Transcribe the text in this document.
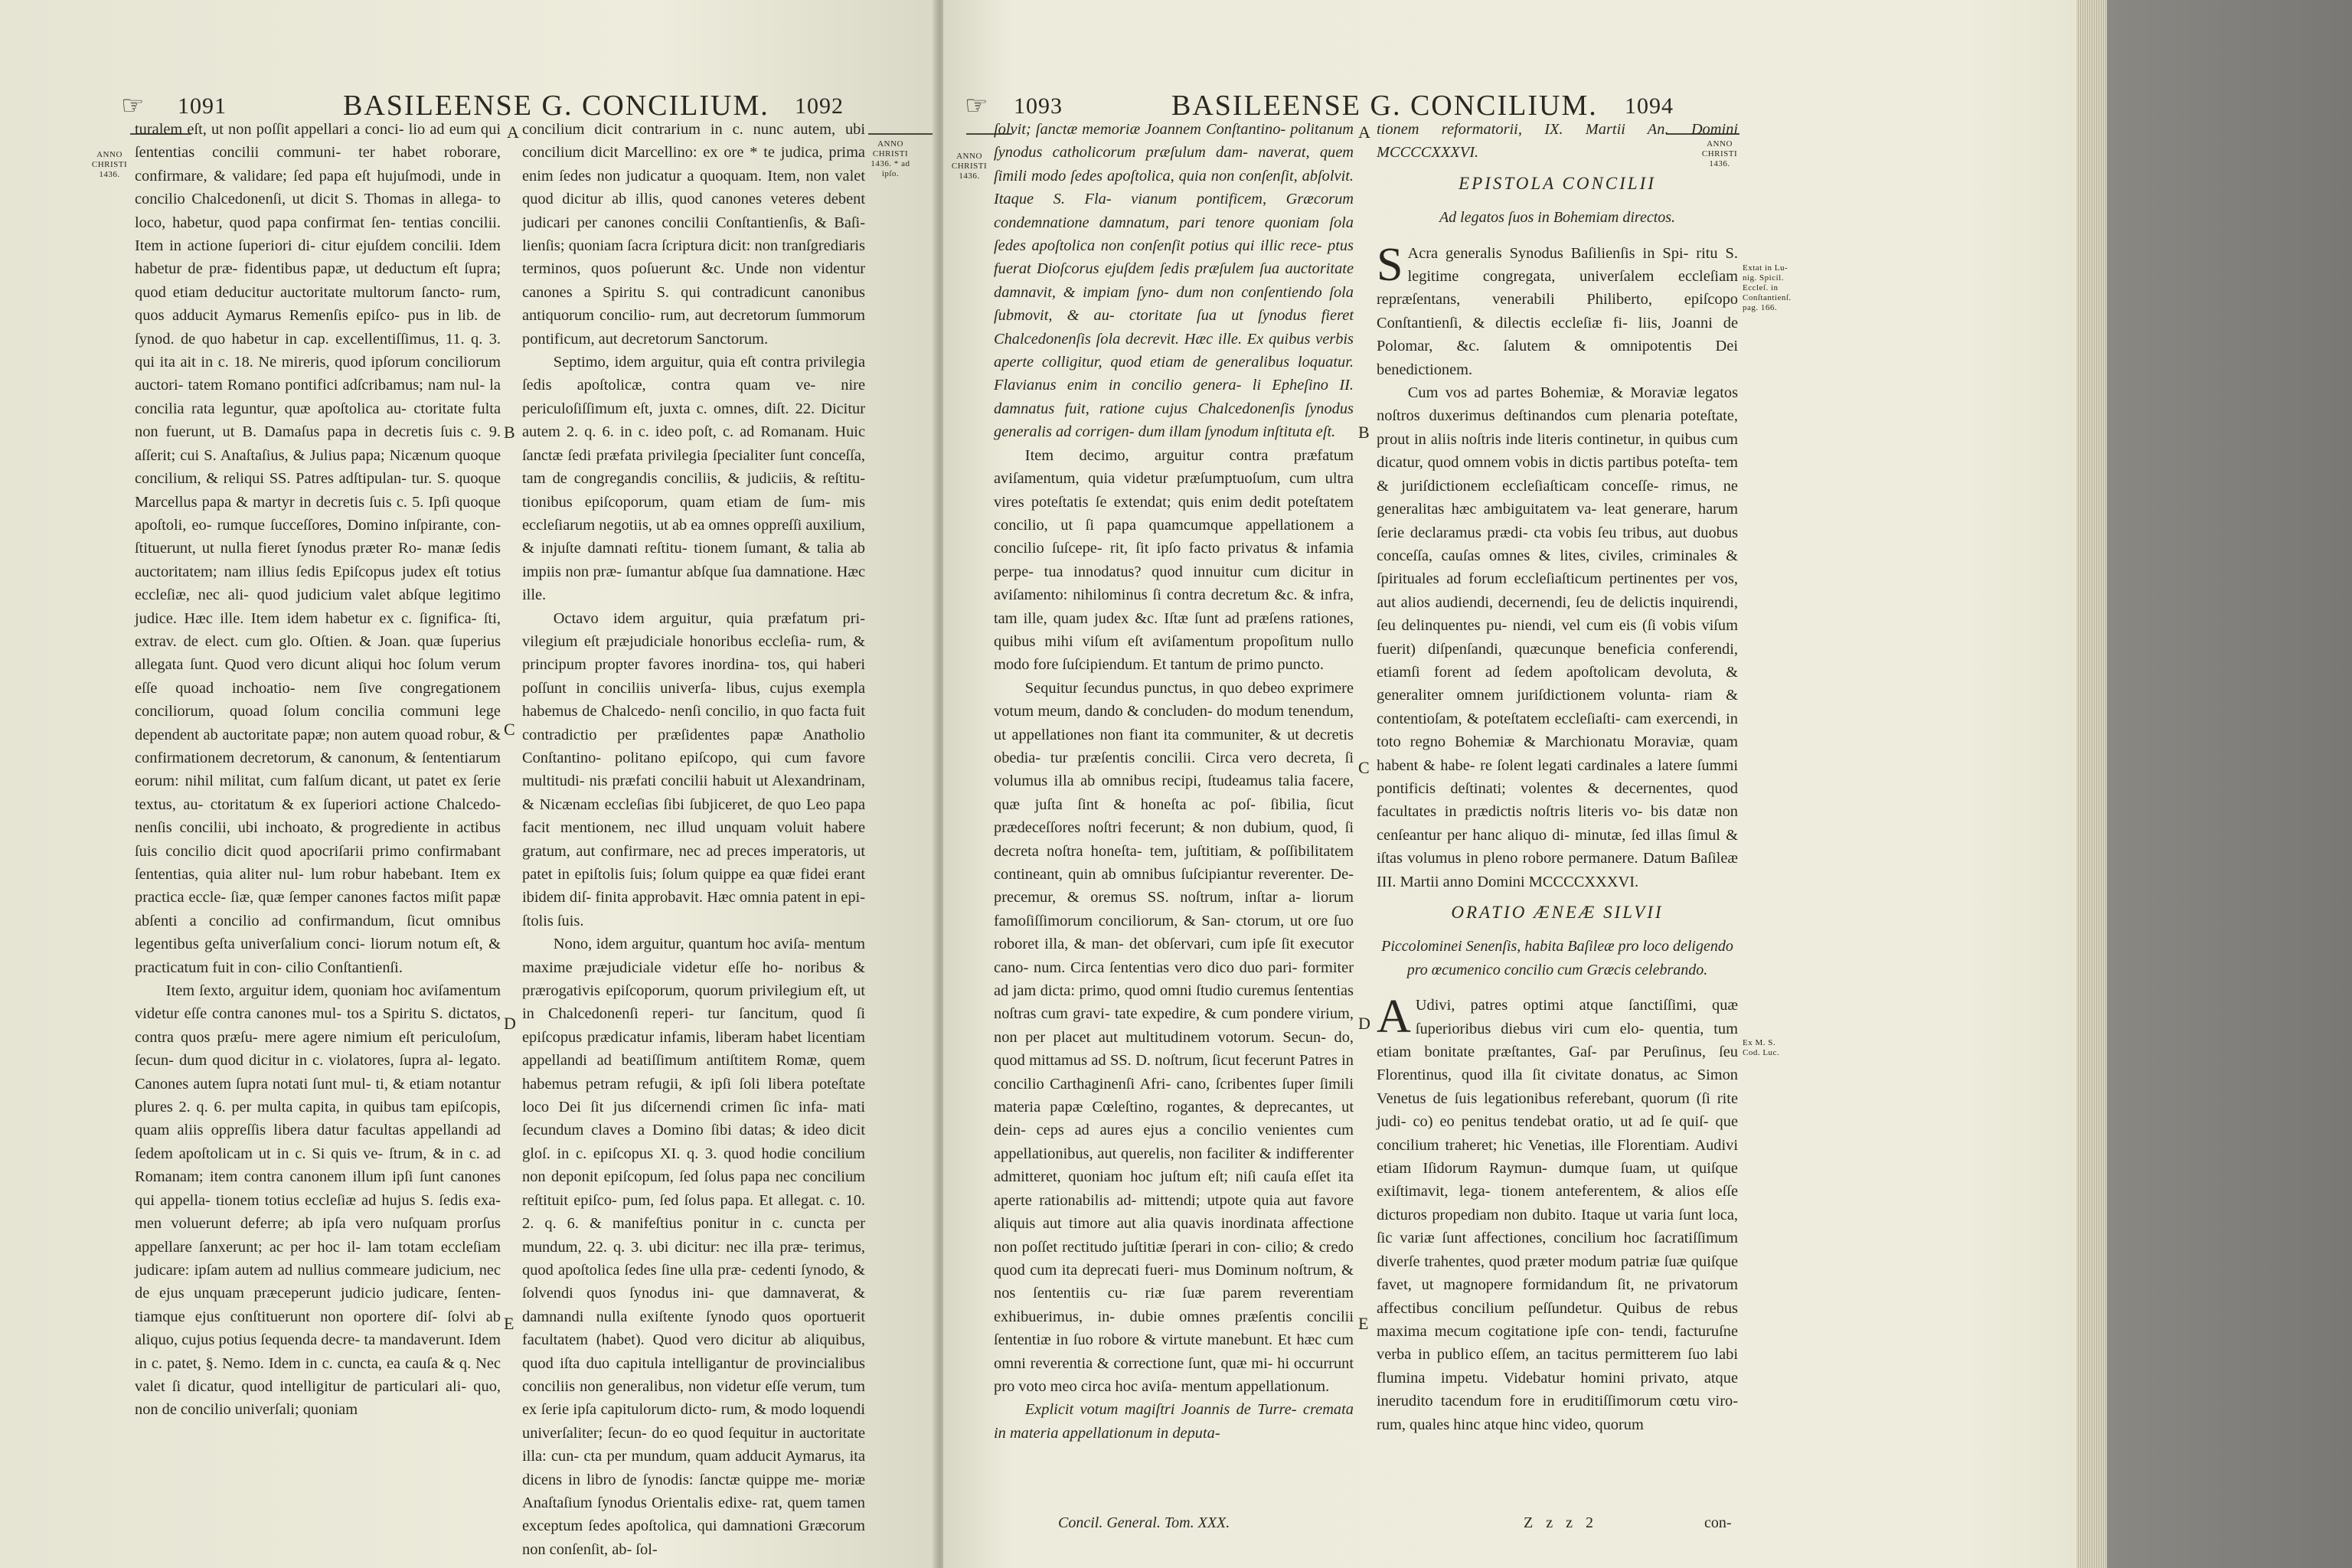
☞ 1091	BASILEENSE G. CONCILIUM. 1092
ANNO CHRISTI 1436.
ANNO CHRISTI 1436. * ad ipſo.

turalem eſt, ut non poſſit appellari a conci- lio ad eum qui ſententias concilii communi- ter habet roborare, confirmare, & validare; ſed papa eſt hujuſmodi, unde in concilio Chalcedonenſi, ut dicit S. Thomas in allega- to loco, habetur, quod papa confirmat ſen- tentias concilii. Item in actione ſuperiori di- citur ejuſdem concilii. Idem habetur de præ- fidentibus papæ, ut deductum eſt ſupra; quod etiam deducitur auctoritate multorum ſancto- rum, quos adducit Aymarus Remenſis epiſco- pus in lib. de ſynod. de quo habetur in cap. excellentiſſimus, 11. q. 3. qui ita ait in c. 18. Ne mireris, quod ipſorum conciliorum auctori- tatem Romano pontifici adſcribamus; nam nul- la concilia rata leguntur, quæ apoſtolica au- ctoritate fulta non fuerunt, ut B. Damaſus papa in decretis ſuis c. 9. aſſerit; cui S. Anaſtaſius, & Julius papa; Nicænum quoque concilium, & reliqui SS. Patres adſtipulan- tur. S. quoque Marcellus papa & martyr in decretis ſuis c. 5. Ipſi quoque apoſtoli, eo- rumque ſucceſſores, Domino inſpirante, con- ſtituerunt, ut nulla fieret ſynodus præter Ro- manæ ſedis auctoritatem; nam illius ſedis Epiſcopus judex eſt totius eccleſiæ, nec ali- quod judicium valet abſque legitimo judice. Hæc ille. Item idem habetur ex c. ſignifica- ſti, extrav. de elect. cum glo. Oſtien. & Joan. quæ ſuperius allegata ſunt. Quod vero dicunt aliqui hoc ſolum verum eſſe quoad inchoatio- nem ſive congregationem conciliorum, quoad ſolum concilia communi lege dependent ab auctoritate papæ; non autem quoad robur, & confirmationem decretorum, & canonum, & ſententiarum eorum: nihil militat, cum falſum dicant, ut patet ex ſerie textus, au- ctoritatum & ex ſuperiori actione Chalcedo- nenſis concilii, ubi inchoato, & progrediente in actibus ſuis concilio dicit quod apocriſarii primo confirmabant ſententias, quia aliter nul- lum robur habebant. Item ex practica eccle- ſiæ, quæ ſemper canones factos miſit papæ abſenti a concilio ad confirmandum, ſicut omnibus legentibus geſta univerſalium conci- liorum notum eſt, & practicatum fuit in con- cilio Conſtantienſi.

Item ſexto, arguitur idem, quoniam hoc aviſamentum videtur eſſe contra canones mul- tos a Spiritu S. dictatos, contra quos præſu- mere agere nimium eſt periculoſum, ſecun- dum quod dicitur in c. violatores, ſupra al- legato. Canones autem ſupra notati ſunt mul- ti, & etiam notantur plures 2. q. 6. per multa capita, in quibus tam epiſcopis, quam aliis oppreſſis libera datur facultas appellandi ad ſedem apoſtolicam ut in c. Si quis ve- ſtrum, & in c. ad Romanam; item contra canonem illum ipſi ſunt canones qui appella- tionem totius eccleſiæ ad hujus S. ſedis exa- men voluerunt deferre; ab ipſa vero nuſquam prorſus appellare ſanxerunt; ac per hoc il- lam totam eccleſiam judicare: ipſam autem ad nullius commeare judicium, nec de ejus unquam præceperunt judicio judicare, ſenten- tiamque ejus conſtituerunt non oportere diſ- ſolvi ab aliquo, cujus potius ſequenda decre- ta mandaverunt. Idem in c. patet, §. Nemo. Idem in c. cuncta, ea cauſa & q. Nec valet ſi dicatur, quod intelligitur de particulari ali- quo, non de concilio univerſali; quoniam

A
B
C
D
E

concilium dicit contrarium in c. nunc autem, ubi concilium dicit Marcellino: ex ore * te judica, prima enim ſedes non judicatur a quoquam. Item, non valet quod dicitur ab illis, quod canones veteres debent judicari per canones concilii Conſtantienſis, & Baſi- lienſis; quoniam ſacra ſcriptura dicit: non tranſgrediaris terminos, quos poſuerunt &c. Unde non videntur canones a Spiritu S. qui contradicunt canonibus antiquorum concilio- rum, aut decretorum ſummorum pontificum, aut decretorum Sanctorum.

Septimo, idem arguitur, quia eſt contra privilegia ſedis apoſtolicæ, contra quam ve- nire periculoſiſſimum eſt, juxta c. omnes, diſt. 22. Dicitur autem 2. q. 6. in c. ideo poſt, c. ad Romanam. Huic ſanctæ ſedi præfata privilegia ſpecialiter ſunt conceſſa, tam de congregandis conciliis, & judiciis, & reſtitu- tionibus epiſcoporum, quam etiam de ſum- mis eccleſiarum negotiis, ut ab ea omnes oppreſſi auxilium, & injuſte damnati reſtitu- tionem ſumant, & talia ab impiis non præ- ſumantur abſque ſua damnatione. Hæc ille.

Octavo idem arguitur, quia præfatum pri- vilegium eſt præjudiciale honoribus eccleſia- rum, & principum propter favores inordina- tos, qui haberi poſſunt in conciliis univerſa- libus, cujus exempla habemus de Chalcedo- nenſi concilio, in quo facta fuit contradictio per præſidentes papæ Anatholio Conſtantino- politano epiſcopo, qui cum favore multitudi- nis præfati concilii habuit ut Alexandrinam, & Nicænam eccleſias ſibi ſubjiceret, de quo Leo papa facit mentionem, nec illud unquam voluit habere gratum, aut confirmare, nec ad preces imperatoris, ut patet in epiſtolis ſuis; ſolum quippe ea quæ fidei erant ibidem diſ- finita approbavit. Hæc omnia patent in epi- ſtolis ſuis.

Nono, idem arguitur, quantum hoc aviſa- mentum maxime præjudiciale videtur eſſe ho- noribus & prærogativis epiſcoporum, quorum privilegium eſt, ut in Chalcedonenſi reperi- tur ſancitum, quod ſi epiſcopus prædicatur infamis, liberam habet licentiam appellandi ad beatiſſimum antiſtitem Romæ, quem habemus petram refugii, & ipſi ſoli libera poteſtate loco Dei ſit jus diſcernendi crimen ſic infa- mati ſecundum claves a Domino ſibi datas; & ideo dicit gloſ. in c. epiſcopus XI. q. 3. quod hodie concilium non deponit epiſcopum, ſed ſolus papa nec concilium reſtituit epiſco- pum, ſed ſolus papa. Et allegat. c. 10. 2. q. 6. & manifeſtius ponitur in c. cuncta per mundum, 22. q. 3. ubi dicitur: nec illa præ- terimus, quod apoſtolica ſedes ſine ulla præ- cedenti ſynodo, & ſolvendi quos ſynodus ini- que damnaverat, & damnandi nulla exiſtente ſynodo quos oportuerit facultatem (habet). Quod vero dicitur ab aliquibus, quod iſta duo capitula intelligantur de provincialibus conciliis non generalibus, non videtur eſſe verum, tum ex ſerie ipſa capitulorum dicto- rum, & modo loquendi univerſaliter; ſecun- do eo quod ſequitur in auctoritate illa: cun- cta per mundum, quam adducit Aymarus, ita dicens in libro de ſynodis: ſanctæ quippe me- moriæ Anaſtaſium ſynodus Orientalis edixe- rat, quem tamen exceptum ſedes apoſtolica, qui damnationi Græcorum non conſenſit, ab- ſol-

☞ 1093	BASILEENSE G. CONCILIUM. 1094
ANNO CHRISTI 1436.
ANNO CHRISTI 1436.

ſolvit; ſanctæ memoriæ Joannem Conſtantino- politanum ſynodus catholicorum præſulum dam- naverat, quem ſimili modo ſedes apoſtolica, quia non conſenſit, abſolvit. Itaque S. Fla- vianum pontificem, Græcorum condemnatione damnatum, pari tenore quoniam ſola ſedes apoſtolica non conſenſit potius qui illic rece- ptus fuerat Dioſcorus ejuſdem ſedis præſulem ſua auctoritate damnavit, & impiam ſyno- dum non conſentiendo ſola ſubmovit, & au- ctoritate ſua ut ſynodus fieret Chalcedonenſis ſola decrevit. Hæc ille. Ex quibus verbis aperte colligitur, quod etiam de generalibus loquatur. Flavianus enim in concilio genera- li Epheſino II. damnatus fuit, ratione cujus Chalcedonenſis ſynodus generalis ad corrigen- dum illam ſynodum inſtituta eſt.

Item decimo, arguitur contra præfatum aviſamentum, quia videtur præſumptuoſum, cum ultra vires poteſtatis ſe extendat; quis enim dedit poteſtatem concilio, ut ſi papa quamcumque appellationem a concilio ſuſcepe- rit, ſit ipſo facto privatus & infamia perpe- tua innodatus? quod innuitur cum dicitur in aviſamento: nihilominus ſi contra decretum &c. & infra, tam ille, quam judex &c. Iſtæ ſunt ad præſens rationes, quibus mihi viſum eſt aviſamentum propoſitum nullo modo fore ſuſcipiendum. Et tantum de primo puncto.

Sequitur ſecundus punctus, in quo debeo exprimere votum meum, dando & concluden- do modum tenendum, ut appellationes non fiant ita communiter, & ut decretis obedia- tur præſentis concilii. Circa vero decreta, ſi volumus illa ab omnibus recipi, ſtudeamus talia facere, quæ juſta ſint & honeſta ac poſ- ſibilia, ſicut prædeceſſores noſtri fecerunt; & non dubium, quod, ſi decreta noſtra honeſta- tem, juſtitiam, & poſſibilitatem contineant, quin ab omnibus ſuſcipiantur reverenter. De- precemur, & oremus SS. noſtrum, inſtar a- liorum famoſiſſimorum conciliorum, & San- ctorum, ut ore ſuo roboret illa, & man- det obſervari, cum ipſe ſit executor cano- num. Circa ſententias vero dico duo pari- formiter ad jam dicta: primo, quod omni ſtudio curemus ſententias noſtras cum gravi- tate expedire, & cum pondere virium, non per placet aut multitudinem votorum. Secun- do, quod mittamus ad SS. D. noſtrum, ſicut fecerunt Patres in concilio Carthaginenſi Afri- cano, ſcribentes ſuper ſimili materia papæ Cœleſtino, rogantes, & deprecantes, ut dein- ceps ad aures ejus a concilio venientes cum appellationibus, aut querelis, non faciliter & indifferenter admitteret, quoniam hoc juſtum eſt; niſi cauſa eſſet ita aperte rationabilis ad- mittendi; utpote quia aut favore aliquis aut timore aut alia quavis inordinata affectione non poſſet rectitudo juſtitiæ ſperari in con- cilio; & credo quod cum ita deprecati fueri- mus Dominum noſtrum, & nos ſententiis cu- riæ ſuæ parem reverentiam exhibuerimus, in- dubie omnes præſentis concilii ſententiæ in ſuo robore & virtute manebunt. Et hæc cum omni reverentia & correctione ſunt, quæ mi- hi occurrunt pro voto meo circa hoc aviſa- mentum appellationum.

Explicit votum magiſtri Joannis de Turre- cremata in materia appellationum in deputa-

Concil. General. Tom. XXX.
A
B
C
D
E

tionem reformatorii, IX. Martii An. Domini MCCCCXXXVI.

EPISTOLA CONCILII
Ad legatos ſuos in Bohemiam directos.

S Acra generalis Synodus Baſilienſis in Spi- ritu S. legitime congregata, univerſalem eccleſiam repræſentans, venerabili Philiberto, epiſcopo Conſtantienſi, & dilectis eccleſiæ fi- liis, Joanni de Polomar, &c. ſalutem & omnipotentis Dei benedictionem.

Cum vos ad partes Bohemiæ, & Moraviæ legatos noſtros duxerimus deſtinandos cum plenaria poteſtate, prout in aliis noſtris inde literis continetur, in quibus cum dicatur, quod omnem vobis in dictis partibus poteſta- tem & juriſdictionem eccleſiaſticam conceſſe- rimus, ne generalitas hæc ambiguitatem va- leat generare, harum ſerie declaramus prædi- cta vobis ſeu tribus, aut duobus conceſſa, cauſas omnes & lites, civiles, criminales & ſpirituales ad forum eccleſiaſticum pertinentes per vos, aut alios audiendi, decernendi, ſeu de delictis inquirendi, ſeu delinquentes pu- niendi, vel cum eis (ſi vobis viſum fuerit) diſpenſandi, quæcunque beneficia conferendi, etiamſi forent ad ſedem apoſtolicam devoluta, & generaliter omnem juriſdictionem volunta- riam & contentioſam, & poteſtatem eccleſiaſti- cam exercendi, in toto regno Bohemiæ & Marchionatu Moraviæ, quam habent & habe- re ſolent legati cardinales a latere ſummi pontificis deſtinati; volentes & decernentes, quod facultates in prædictis noſtris literis vo- bis datæ non cenſeantur per hanc aliquo di- minutæ, ſed illas ſimul & iſtas volumus in pleno robore permanere. Datum Baſileæ III. Martii anno Domini MCCCCXXXVI.

ORATIO ÆNEÆ SILVII
Piccolominei Senenſis, habita Baſileæ pro loco deligendo pro œcumenico concilio cum Græcis celebrando.

A Udivi, patres optimi atque ſanctiſſimi, quæ ſuperioribus diebus viri cum elo- quentia, tum etiam bonitate præſtantes, Gaſ- par Peruſinus, ſeu Florentinus, quod illa ſit civitate donatus, ac Simon Venetus de ſuis legationibus referebant, quorum (ſi rite judi- co) eo penitus tendebat oratio, ut ad ſe quiſ- que concilium traheret; hic Venetias, ille Florentiam. Audivi etiam Iſidorum Raymun- dumque ſuam, ut quiſque exiſtimavit, lega- tionem anteferentem, & alios eſſe dicturos propediam non dubito. Itaque ut varia ſunt loca, ſic variæ ſunt affectiones, concilium hoc ſacratiſſimum diverſe trahentes, quod præter modum patriæ ſuæ quiſque favet, ut magnopere formidandum ſit, ne privatorum affectibus concilium peſſundetur. Quibus de rebus maxima mecum cogitatione ipſe con- tendi, facturuſne verba in publico eſſem, an tacitus permitterem ſuo labi flumina impetu. Videbatur homini privato, atque inerudito tacendum fore in eruditiſſimorum cœtu viro- rum, quales hinc atque hinc video, quorum

Extat in Lu- nig. Spicil. Eccleſ. in Conſtantienſ. pag. 166.
Ex M. S. Cod. Luc.
Z z z 2	con-
